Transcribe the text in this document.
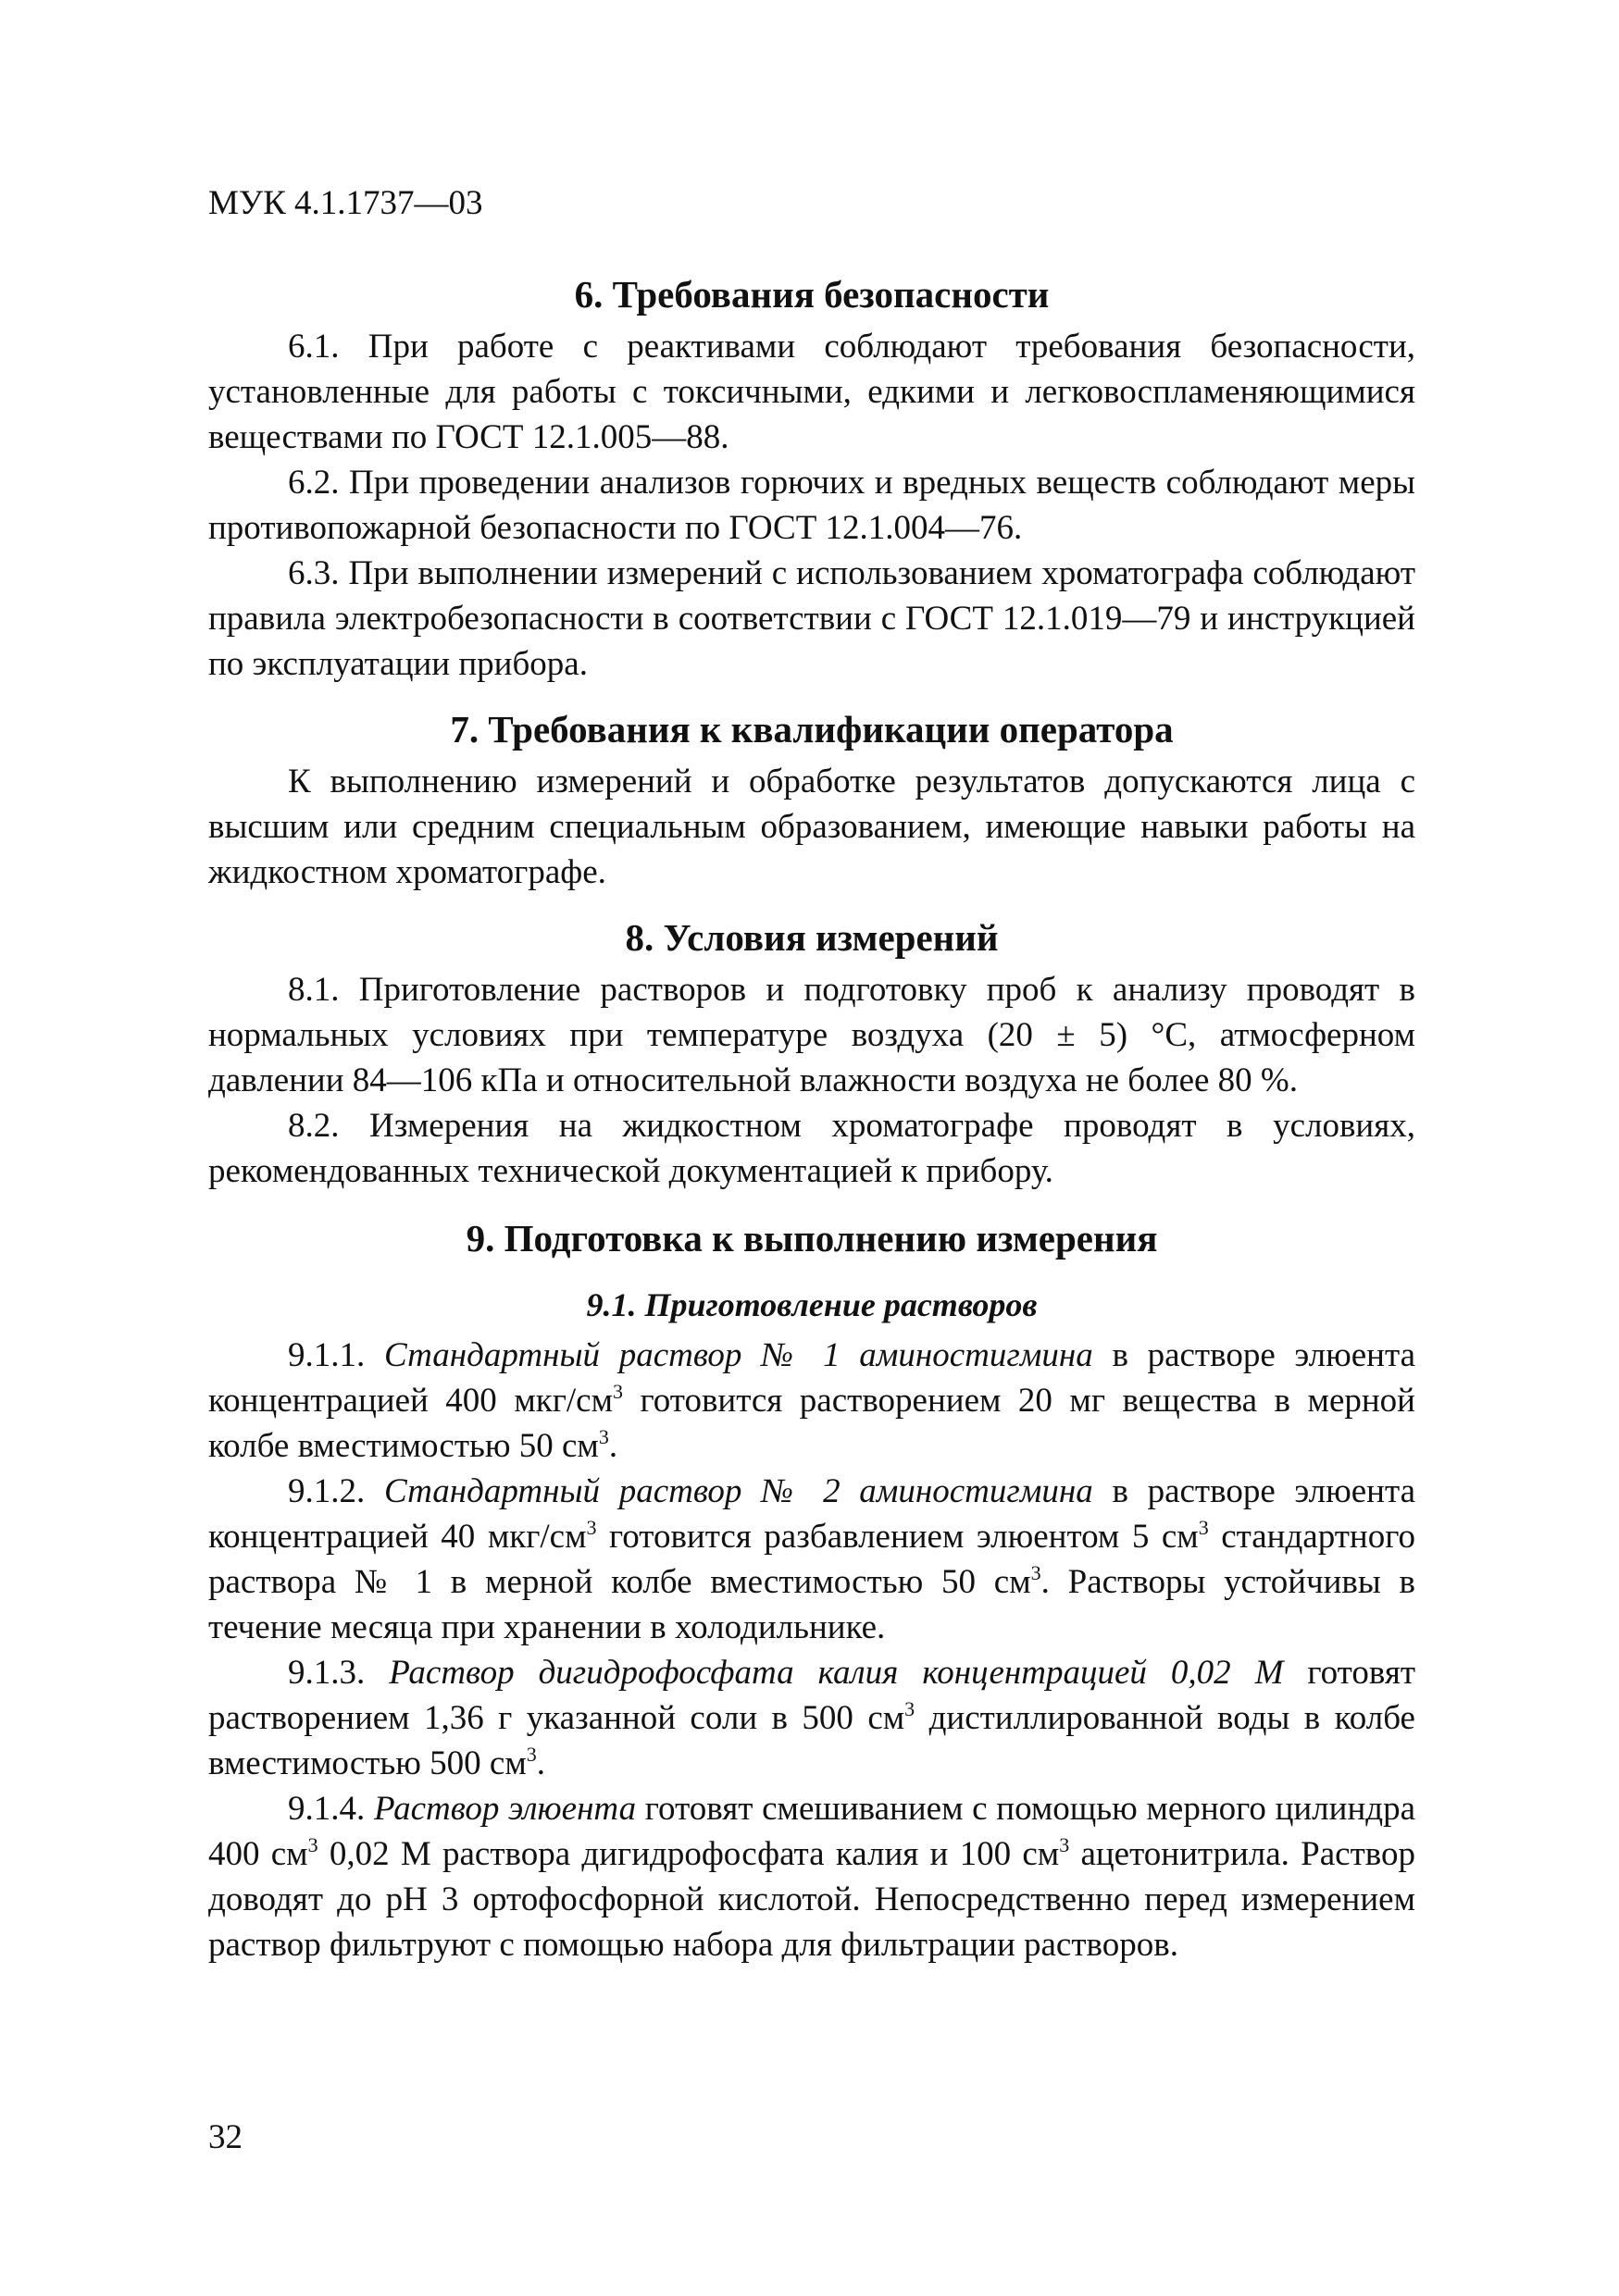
МУК 4.1.1737—03
6. Требования безопасности

6.1. При работе с реактивами соблюдают требования безопасности, установленные для работы с токсичными, едкими и легковоспламеняющимися веществами по ГОСТ 12.1.005—88.

6.2. При проведении анализов горючих и вредных веществ соблюдают меры противопожарной безопасности по ГОСТ 12.1.004—76.

6.3. При выполнении измерений с использованием хроматографа соблюдают правила электробезопасности в соответствии с ГОСТ 12.1.019—79 и инструкцией по эксплуатации прибора.

7. Требования к квалификации оператора

К выполнению измерений и обработке результатов допускаются лица с высшим или средним специальным образованием, имеющие навыки работы на жидкостном хроматографе.

8. Условия измерений

8.1. Приготовление растворов и подготовку проб к анализу проводят в нормальных условиях при температуре воздуха (20 ± 5) °С, атмосферном давлении 84—106 кПа и относительной влажности воздуха не более 80 %.

8.2. Измерения на жидкостном хроматографе проводят в условиях, рекомендованных технической документацией к прибору.

9. Подготовка к выполнению измерения
9.1. Приготовление растворов

9.1.1. Стандартный раствор № 1 аминостигмина в растворе элюента концентрацией 400 мкг/$см^3$ готовится растворением 20 мг вещества в мерной колбе вместимостью 50 $см^3$.

9.1.2. Стандартный раствор № 2 аминостигмина в растворе элюента концентрацией 40 мкг/$см^3$ готовится разбавлением элюентом 5 $см^3$ стандартного раствора № 1 в мерной колбе вместимостью 50 $см^3$. Растворы устойчивы в течение месяца при хранении в холодильнике.

9.1.3. Раствор дигидрофосфата калия концентрацией 0,02 М готовят растворением 1,36 г указанной соли в 500 $см^3$ дистиллированной воды в колбе вместимостью 500 $см^3$.

9.1.4. Раствор элюента готовят смешиванием с помощью мерного цилиндра 400 $см^3$ 0,02 М раствора дигидрофосфата калия и 100 $см^3$ ацетонитрила. Раствор доводят до рН 3 ортофосфорной кислотой. Непосредственно перед измерением раствор фильтруют с помощью набора для фильтрации растворов.

32
